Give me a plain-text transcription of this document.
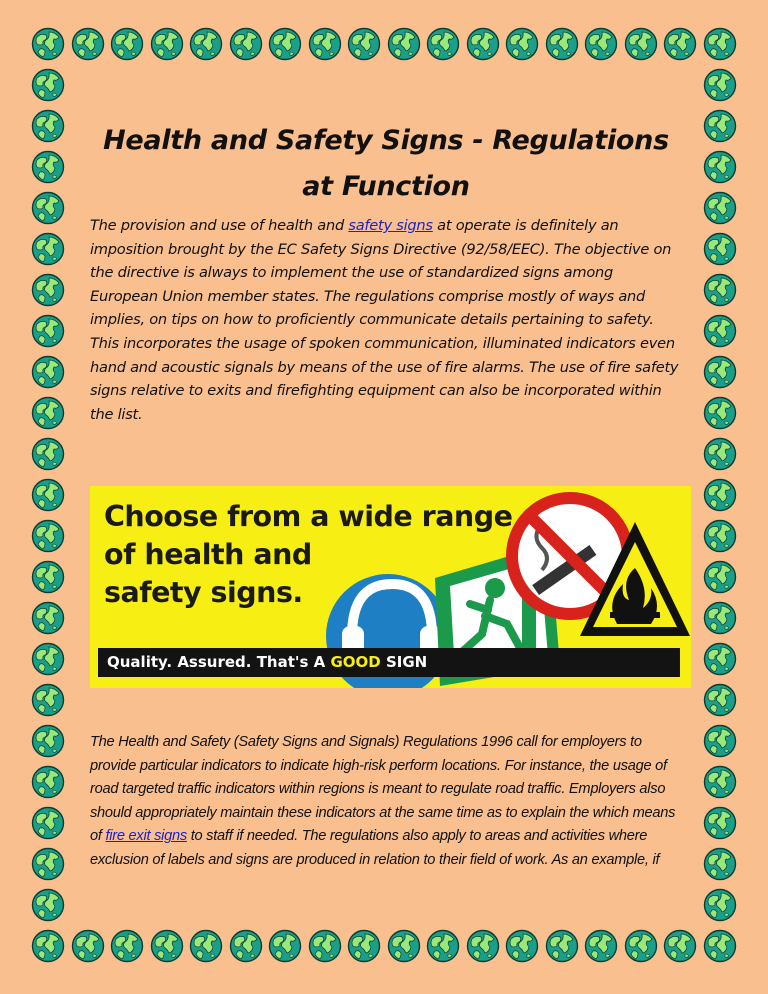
Health and Safety Signs - Regulations at Function

The provision and use of health and safety signs at operate is definitely an imposition brought by the EC Safety Signs Directive (92/58/EEC). The objective on the directive is always to implement the use of standardized signs among European Union member states. The regulations comprise mostly of ways and implies, on tips on how to proficiently communicate details pertaining to safety. This incorporates the usage of spoken communication, illuminated indicators even hand and acoustic signals by means of the use of fire alarms. The use of fire safety signs relative to exits and firefighting equipment can also be incorporated within the list.

Choose from a wide range
of health and
safety signs.
Quality. Assured. That's A GOOD SIGN

The Health and Safety (Safety Signs and Signals) Regulations 1996 call for employers to provide particular indicators to indicate high-risk perform locations. For instance, the usage of road targeted traffic indicators within regions is meant to regulate road traffic. Employers also should appropriately maintain these indicators at the same time as to explain the which means of fire exit signs to staff if needed. The regulations also apply to areas and activities where exclusion of labels and signs are produced in relation to their field of work. As an example, if
